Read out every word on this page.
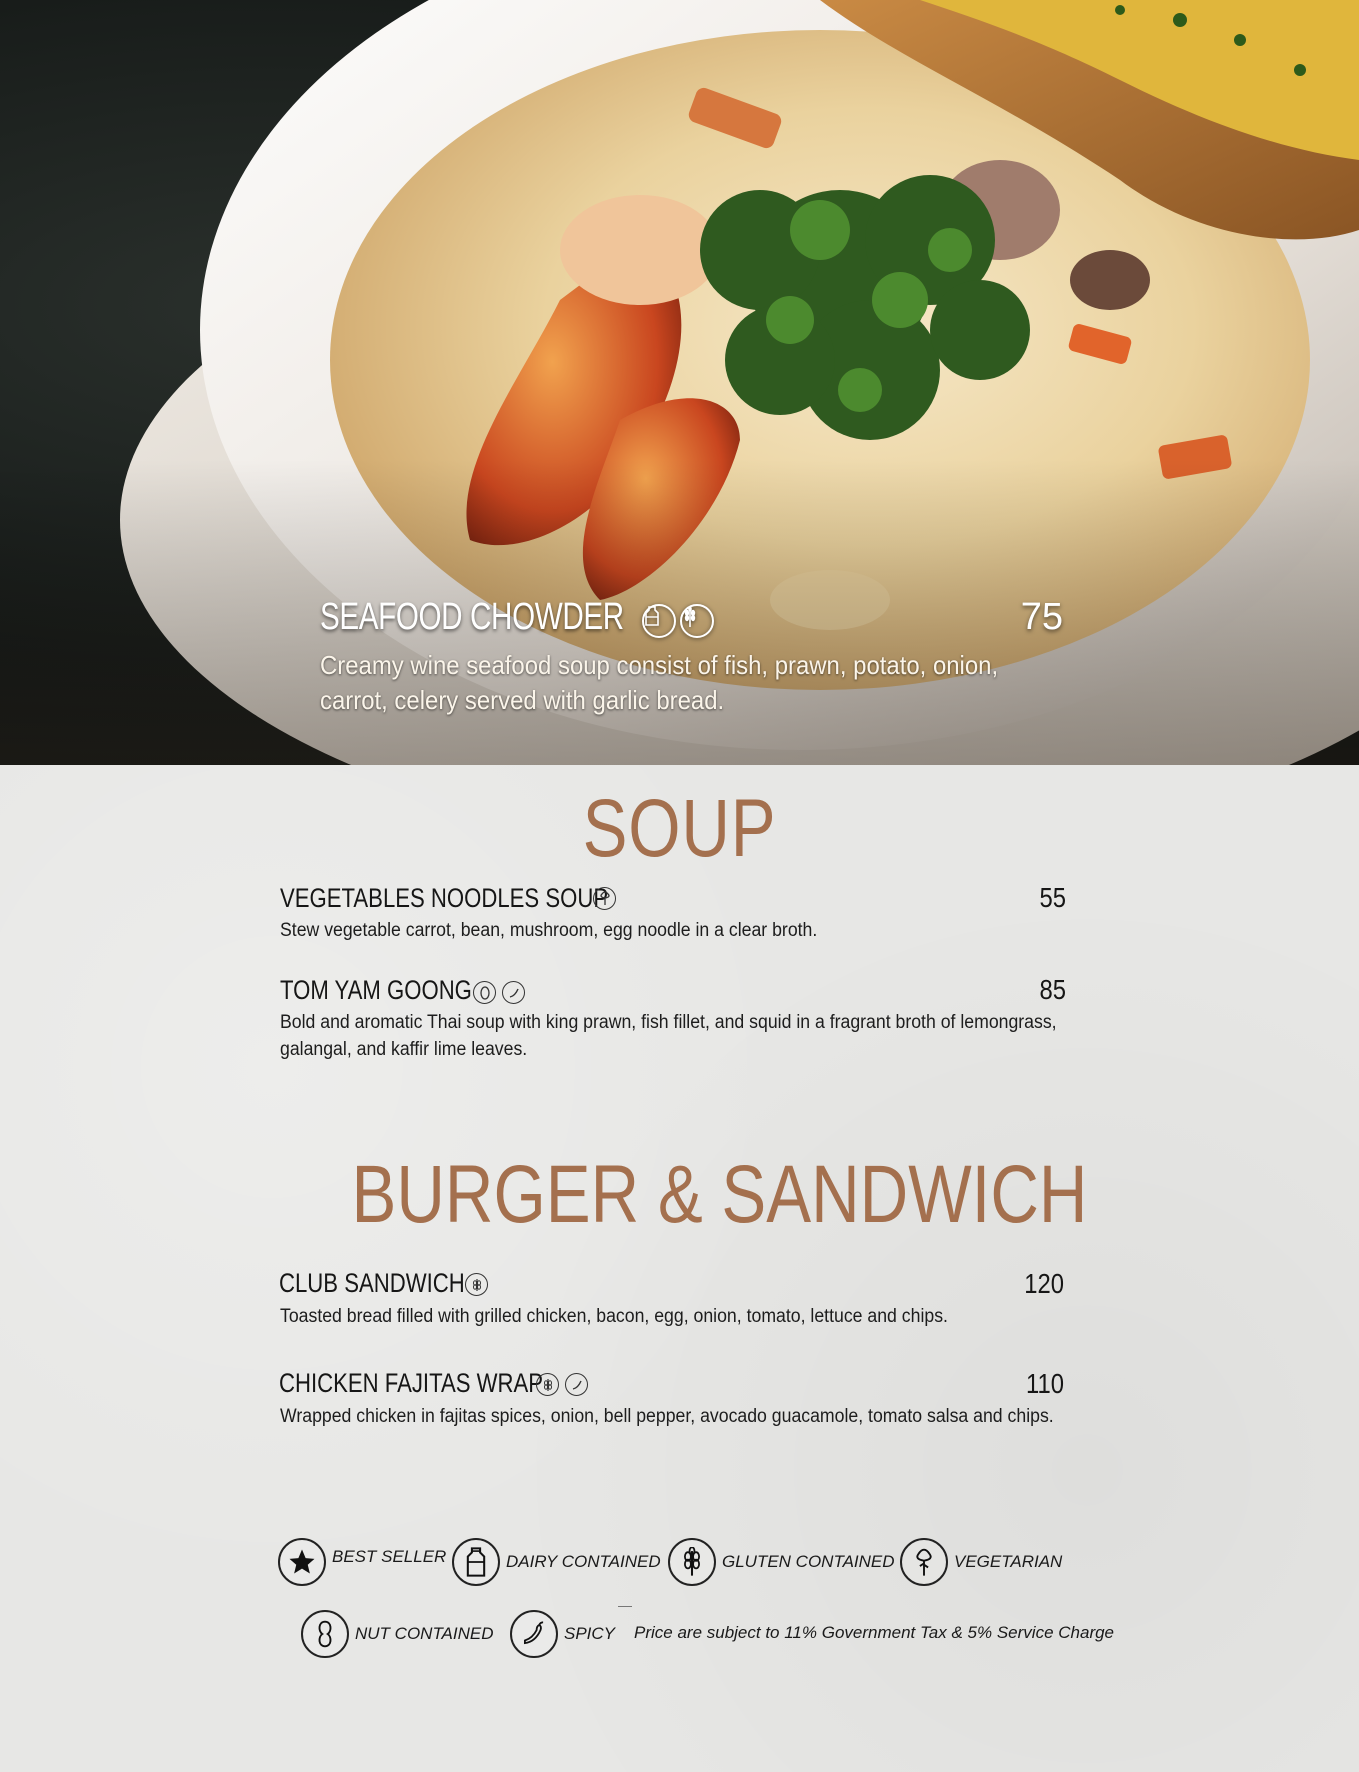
SEAFOOD CHOWDER	75
Creamy wine seafood soup consist of fish, prawn, potato, onion, carrot, celery served with garlic bread.
SOUP
VEGETABLES NOODLES SOUP	55
Stew vegetable carrot, bean, mushroom, egg noodle in a clear broth.
TOM YAM GOONG	85
Bold and aromatic Thai soup with king prawn, fish fillet, and squid in a fragrant broth of lemongrass, galangal, and kaffir lime leaves.
BURGER & SANDWICH
CLUB SANDWICH	120
Toasted bread filled with grilled chicken, bacon, egg, onion, tomato, lettuce and chips.
CHICKEN FAJITAS WRAP	110
Wrapped chicken in fajitas spices, onion, bell pepper, avocado guacamole, tomato salsa and chips.
BEST SELLER	DAIRY CONTAINED	GLUTEN CONTAINED	VEGETARIAN
NUT CONTAINED	SPICY Price are subject to 11% Government Tax & 5% Service Charge
